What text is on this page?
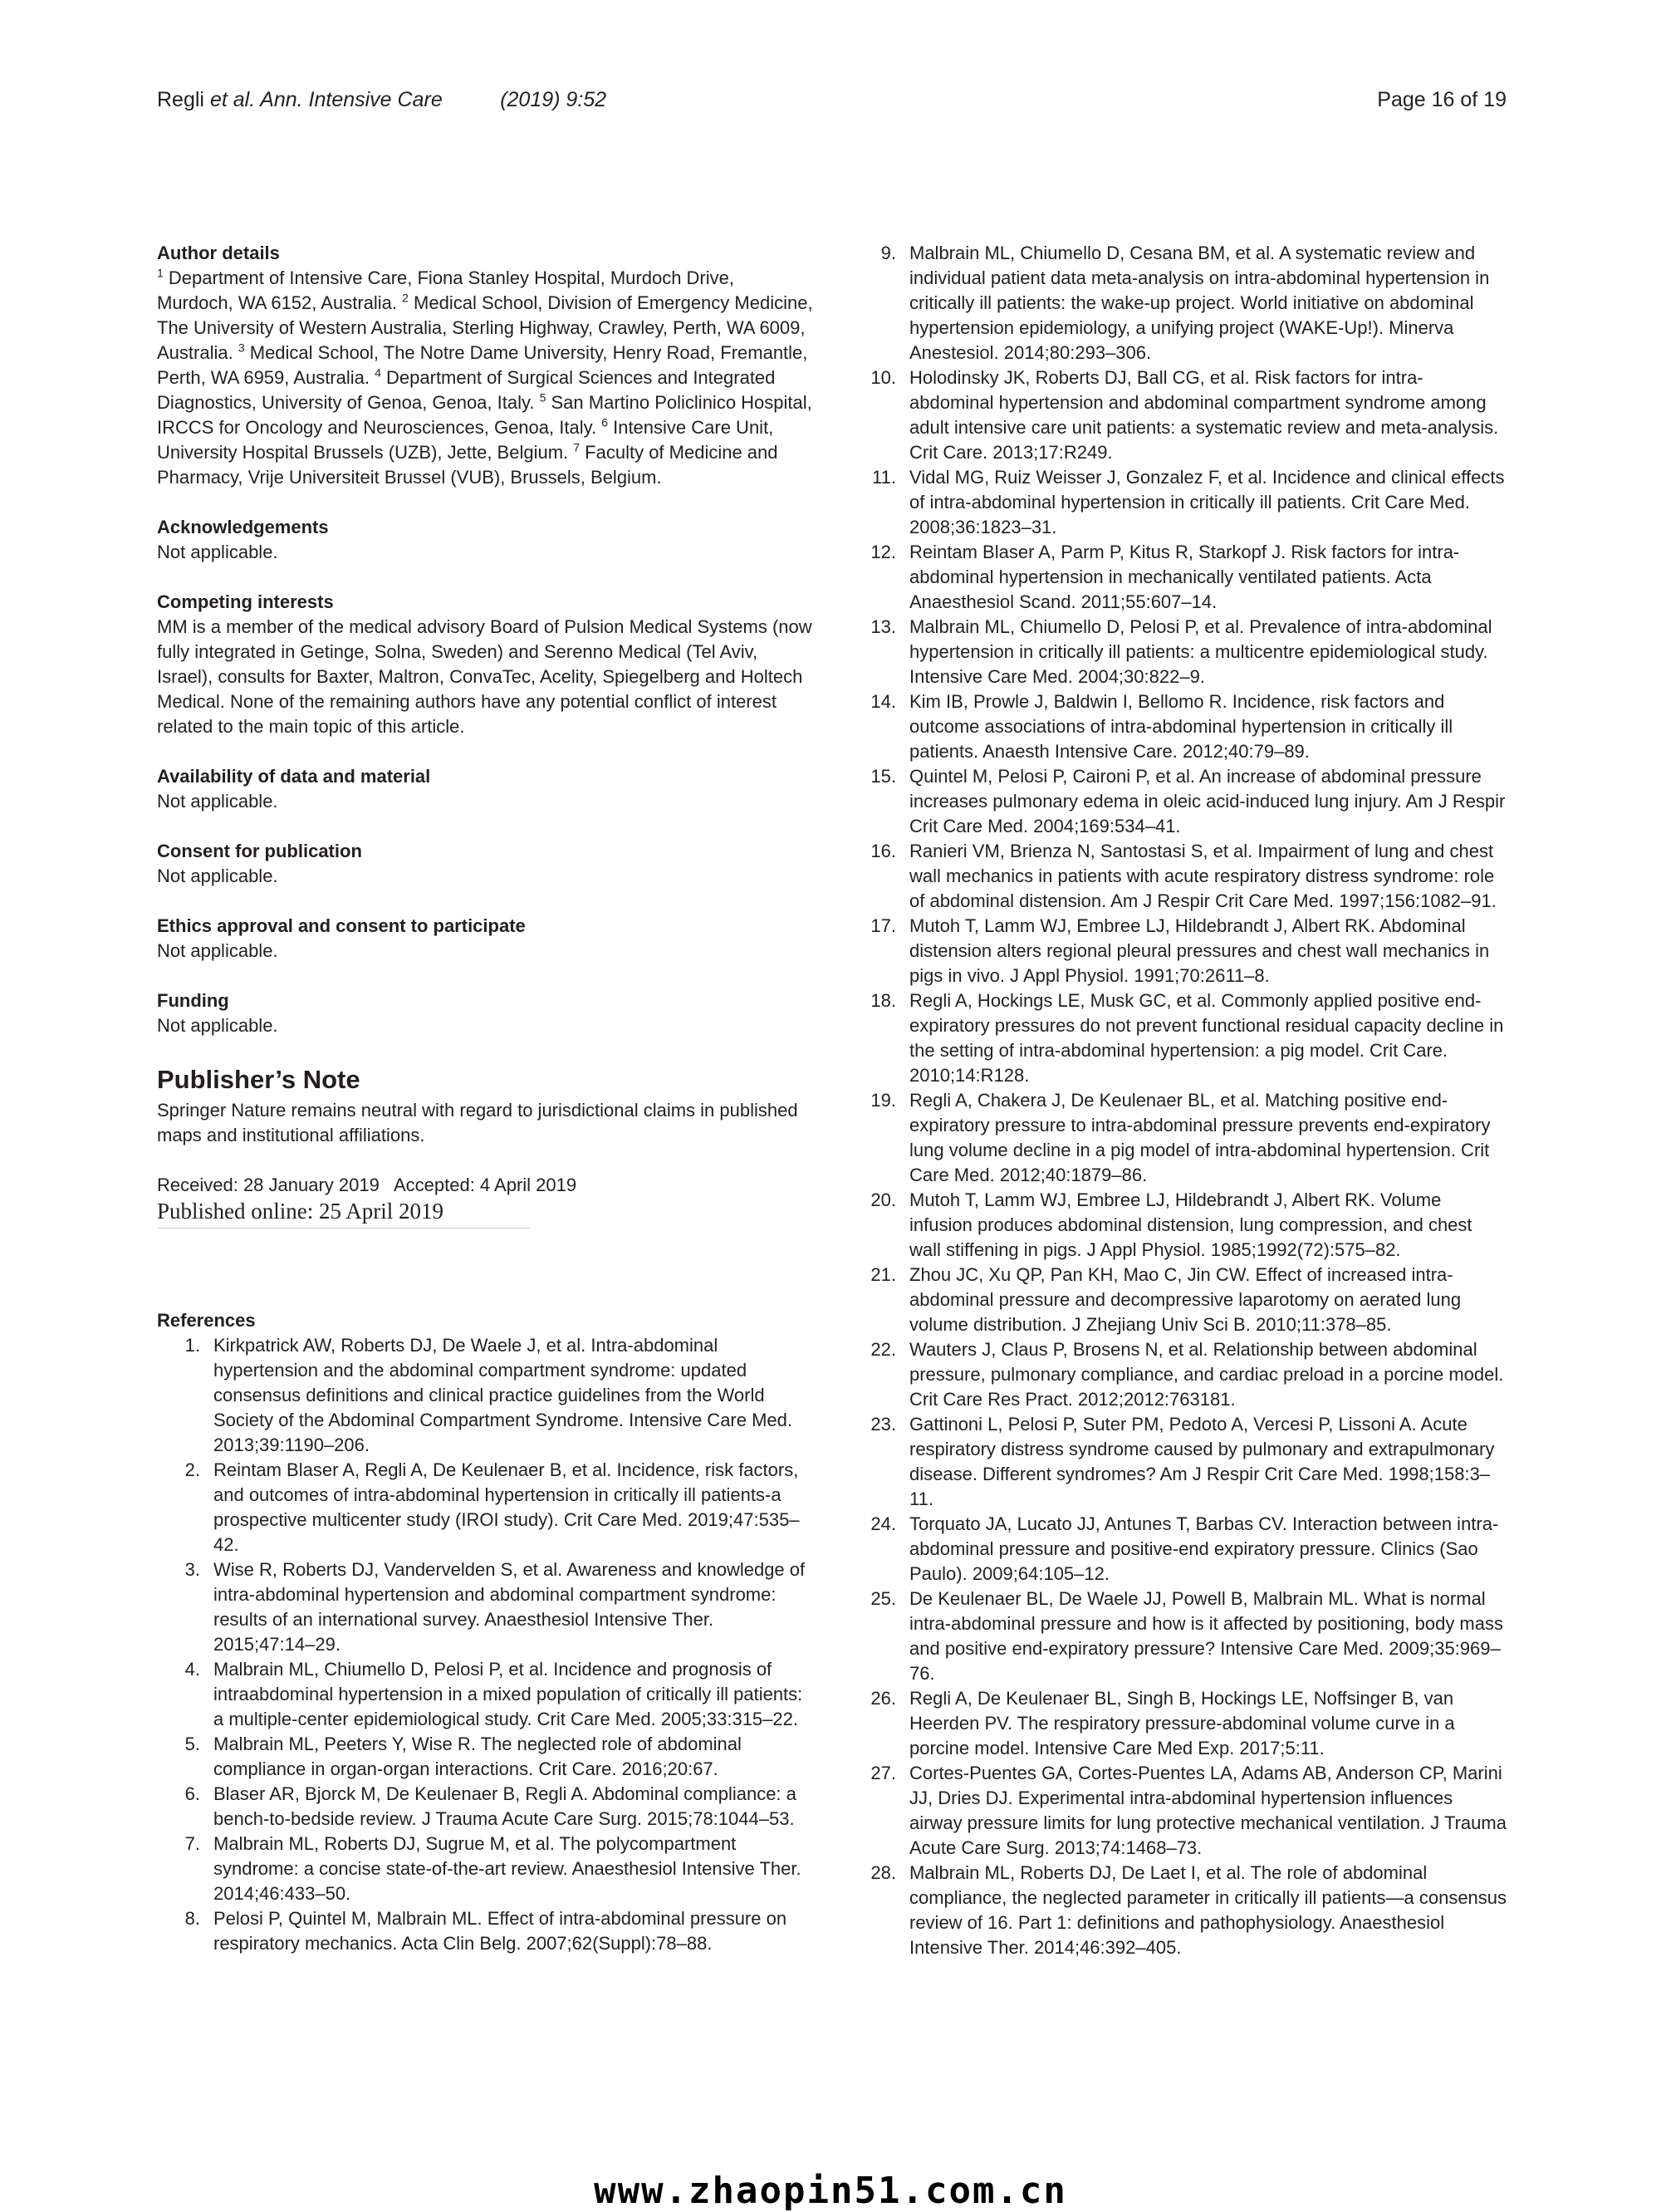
Regli et al. Ann. Intensive Care	(2019) 9:52	Page 16 of 19
Author details

$^1$ Department of Intensive Care, Fiona Stanley Hospital, Murdoch Drive, Murdoch, WA 6152, Australia. $^2$ Medical School, Division of Emergency Medicine, The University of Western Australia, Sterling Highway, Crawley, Perth, WA 6009, Australia. $^3$ Medical School, The Notre Dame University, Henry Road, Fremantle, Perth, WA 6959, Australia. $^4$ Department of Surgical Sciences and Integrated Diagnostics, University of Genoa, Genoa, Italy. $^5$ San Martino Policlinico Hospital, IRCCS for Oncology and Neurosciences, Genoa, Italy. $^6$ Intensive Care Unit, University Hospital Brussels (UZB), Jette, Belgium. $^7$ Faculty of Medicine and Pharmacy, Vrije Universiteit Brussel (VUB), Brussels, Belgium.

Acknowledgements

Not applicable.

Competing interests

MM is a member of the medical advisory Board of Pulsion Medical Systems (now fully integrated in Getinge, Solna, Sweden) and Serenno Medical (Tel Aviv, Israel), consults for Baxter, Maltron, ConvaTec, Acelity, Spiegelberg and Holtech Medical. None of the remaining authors have any potential conflict of interest related to the main topic of this article.

Availability of data and material

Not applicable.

Consent for publication

Not applicable.

Ethics approval and consent to participate

Not applicable.

Funding

Not applicable.

Publisher’s Note

Springer Nature remains neutral with regard to jurisdictional claims in published maps and institutional affiliations.

Received: 28 January 2019   Accepted: 4 April 2019
Published online: 25 April 2019
References
1. Kirkpatrick AW, Roberts DJ, De Waele J, et al. Intra-abdominal hypertension and the abdominal compartment syndrome: updated consensus definitions and clinical practice guidelines from the World Society of the Abdominal Compartment Syndrome. Intensive Care Med. 2013;39:1190–206.
2. Reintam Blaser A, Regli A, De Keulenaer B, et al. Incidence, risk factors, and outcomes of intra-abdominal hypertension in critically ill patients-a prospective multicenter study (IROI study). Crit Care Med. 2019;47:535–42.
3. Wise R, Roberts DJ, Vandervelden S, et al. Awareness and knowledge of intra-abdominal hypertension and abdominal compartment syndrome: results of an international survey. Anaesthesiol Intensive Ther. 2015;47:14–29.
4. Malbrain ML, Chiumello D, Pelosi P, et al. Incidence and prognosis of intraabdominal hypertension in a mixed population of critically ill patients: a multiple-center epidemiological study. Crit Care Med. 2005;33:315–22.
5. Malbrain ML, Peeters Y, Wise R. The neglected role of abdominal compliance in organ-organ interactions. Crit Care. 2016;20:67.
6. Blaser AR, Bjorck M, De Keulenaer B, Regli A. Abdominal compliance: a bench-to-bedside review. J Trauma Acute Care Surg. 2015;78:1044–53.
7. Malbrain ML, Roberts DJ, Sugrue M, et al. The polycompartment syndrome: a concise state-of-the-art review. Anaesthesiol Intensive Ther. 2014;46:433–50.
8. Pelosi P, Quintel M, Malbrain ML. Effect of intra-abdominal pressure on respiratory mechanics. Acta Clin Belg. 2007;62(Suppl):78–88.
9. Malbrain ML, Chiumello D, Cesana BM, et al. A systematic review and individual patient data meta-analysis on intra-abdominal hypertension in critically ill patients: the wake-up project. World initiative on abdominal hypertension epidemiology, a unifying project (WAKE-Up!). Minerva Anestesiol. 2014;80:293–306.
10. Holodinsky JK, Roberts DJ, Ball CG, et al. Risk factors for intra-abdominal hypertension and abdominal compartment syndrome among adult intensive care unit patients: a systematic review and meta-analysis. Crit Care. 2013;17:R249.
11. Vidal MG, Ruiz Weisser J, Gonzalez F, et al. Incidence and clinical effects of intra-abdominal hypertension in critically ill patients. Crit Care Med. 2008;36:1823–31.
12. Reintam Blaser A, Parm P, Kitus R, Starkopf J. Risk factors for intra-abdominal hypertension in mechanically ventilated patients. Acta Anaesthesiol Scand. 2011;55:607–14.
13. Malbrain ML, Chiumello D, Pelosi P, et al. Prevalence of intra-abdominal hypertension in critically ill patients: a multicentre epidemiological study. Intensive Care Med. 2004;30:822–9.
14. Kim IB, Prowle J, Baldwin I, Bellomo R. Incidence, risk factors and outcome associations of intra-abdominal hypertension in critically ill patients. Anaesth Intensive Care. 2012;40:79–89.
15. Quintel M, Pelosi P, Caironi P, et al. An increase of abdominal pressure increases pulmonary edema in oleic acid-induced lung injury. Am J Respir Crit Care Med. 2004;169:534–41.
16. Ranieri VM, Brienza N, Santostasi S, et al. Impairment of lung and chest wall mechanics in patients with acute respiratory distress syndrome: role of abdominal distension. Am J Respir Crit Care Med. 1997;156:1082–91.
17. Mutoh T, Lamm WJ, Embree LJ, Hildebrandt J, Albert RK. Abdominal distension alters regional pleural pressures and chest wall mechanics in pigs in vivo. J Appl Physiol. 1991;70:2611–8.
18. Regli A, Hockings LE, Musk GC, et al. Commonly applied positive end-expiratory pressures do not prevent functional residual capacity decline in the setting of intra-abdominal hypertension: a pig model. Crit Care. 2010;14:R128.
19. Regli A, Chakera J, De Keulenaer BL, et al. Matching positive end-expiratory pressure to intra-abdominal pressure prevents end-expiratory lung volume decline in a pig model of intra-abdominal hypertension. Crit Care Med. 2012;40:1879–86.
20. Mutoh T, Lamm WJ, Embree LJ, Hildebrandt J, Albert RK. Volume infusion produces abdominal distension, lung compression, and chest wall stiffening in pigs. J Appl Physiol. 1985;1992(72):575–82.
21. Zhou JC, Xu QP, Pan KH, Mao C, Jin CW. Effect of increased intra-abdominal pressure and decompressive laparotomy on aerated lung volume distribution. J Zhejiang Univ Sci B. 2010;11:378–85.
22. Wauters J, Claus P, Brosens N, et al. Relationship between abdominal pressure, pulmonary compliance, and cardiac preload in a porcine model. Crit Care Res Pract. 2012;2012:763181.
23. Gattinoni L, Pelosi P, Suter PM, Pedoto A, Vercesi P, Lissoni A. Acute respiratory distress syndrome caused by pulmonary and extrapulmonary disease. Different syndromes? Am J Respir Crit Care Med. 1998;158:3–11.
24. Torquato JA, Lucato JJ, Antunes T, Barbas CV. Interaction between intra-abdominal pressure and positive-end expiratory pressure. Clinics (Sao Paulo). 2009;64:105–12.
25. De Keulenaer BL, De Waele JJ, Powell B, Malbrain ML. What is normal intra-abdominal pressure and how is it affected by positioning, body mass and positive end-expiratory pressure? Intensive Care Med. 2009;35:969–76.
26. Regli A, De Keulenaer BL, Singh B, Hockings LE, Noffsinger B, van Heerden PV. The respiratory pressure-abdominal volume curve in a porcine model. Intensive Care Med Exp. 2017;5:11.
27. Cortes-Puentes GA, Cortes-Puentes LA, Adams AB, Anderson CP, Marini JJ, Dries DJ. Experimental intra-abdominal hypertension influences airway pressure limits for lung protective mechanical ventilation. J Trauma Acute Care Surg. 2013;74:1468–73.
28. Malbrain ML, Roberts DJ, De Laet I, et al. The role of abdominal compliance, the neglected parameter in critically ill patients—a consensus review of 16. Part 1: definitions and pathophysiology. Anaesthesiol Intensive Ther. 2014;46:392–405.
www.zhaopin51.com.cn
